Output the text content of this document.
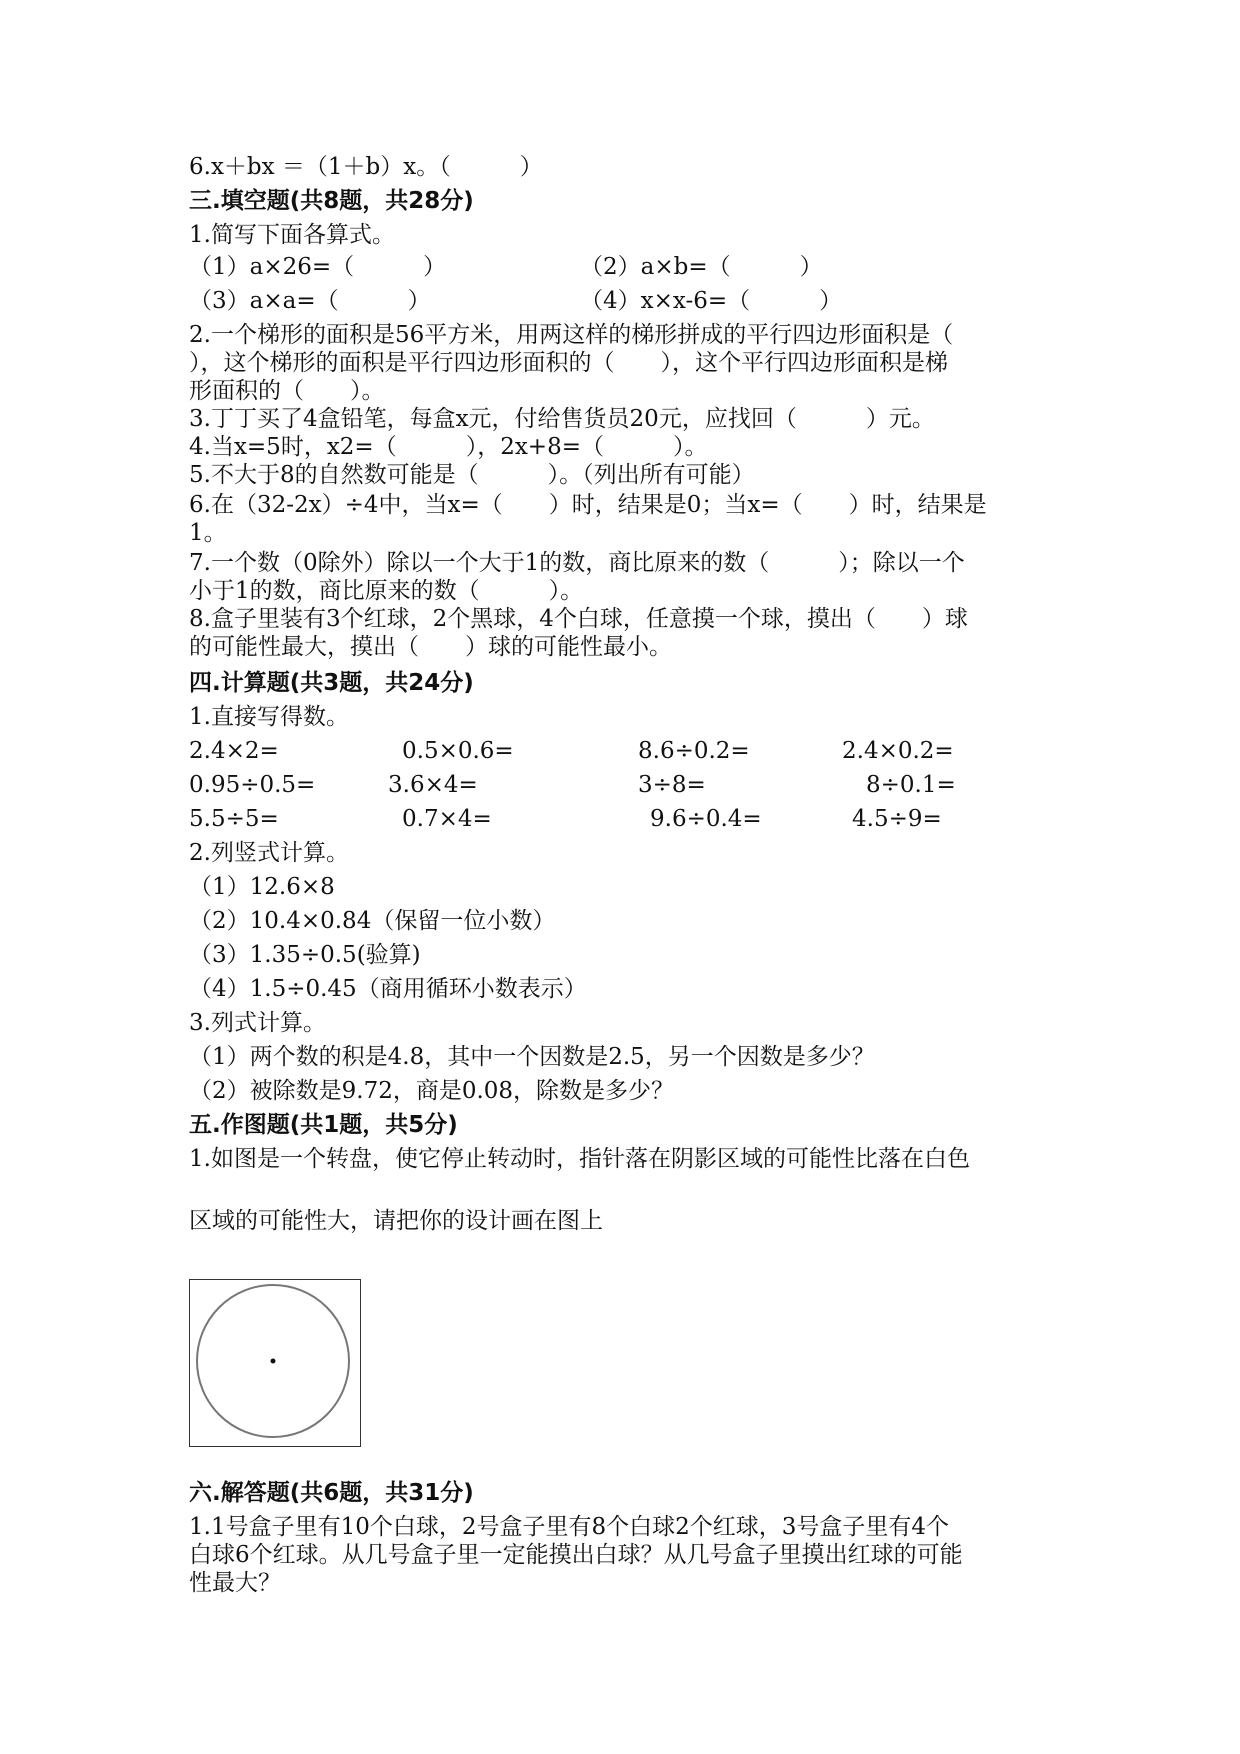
6.x＋bx ＝（1＋b）x。（　　　）
三.填空题(共8题，共28分)
1.简写下面各算式。
（1）a×26=（　　　）	（2）a×b=（　　　）
（3）a×a=（　　　）	（4）x×x-6=（　　　）
2.一个梯形的面积是56平方米，用两这样的梯形拼成的平行四边形面积是（
），这个梯形的面积是平行四边形面积的（　　），这个平行四边形面积是梯
形面积的（　　）。
3.丁丁买了4盒铅笔，每盒x元，付给售货员20元，应找回（　　　）元。
4.当x=5时，x2=（　　　），2x+8=（　　　）。
5.不大于8的自然数可能是（　　　）。（列出所有可能）
6.在（32-2x）÷4中，当x=（　　）时，结果是0；当x=（　　）时，结果是
1。
7.一个数（0除外）除以一个大于1的数，商比原来的数（　　　）；除以一个
小于1的数，商比原来的数（　　　）。
8.盒子里装有3个红球，2个黑球，4个白球，任意摸一个球，摸出（　　）球
的可能性最大，摸出（　　）球的可能性最小。
四.计算题(共3题，共24分)
1.直接写得数。
2.4×2=	0.5×0.6=	8.6÷0.2=	2.4×0.2=
0.95÷0.5=	3.6×4=	3÷8=	8÷0.1=
5.5÷5=	0.7×4=	9.6÷0.4=	4.5÷9=
2.列竖式计算。
（1）12.6×8
（2）10.4×0.84（保留一位小数）
（3）1.35÷0.5(验算)
（4）1.5÷0.45（商用循环小数表示）
3.列式计算。
（1）两个数的积是4.8，其中一个因数是2.5，另一个因数是多少？
（2）被除数是9.72，商是0.08，除数是多少？
五.作图题(共1题，共5分)
1.如图是一个转盘，使它停止转动时，指针落在阴影区域的可能性比落在白色
区域的可能性大，请把你的设计画在图上
六.解答题(共6题，共31分)
1.1号盒子里有10个白球，2号盒子里有8个白球2个红球，3号盒子里有4个
白球6个红球。从几号盒子里一定能摸出白球？从几号盒子里摸出红球的可能
性最大？
